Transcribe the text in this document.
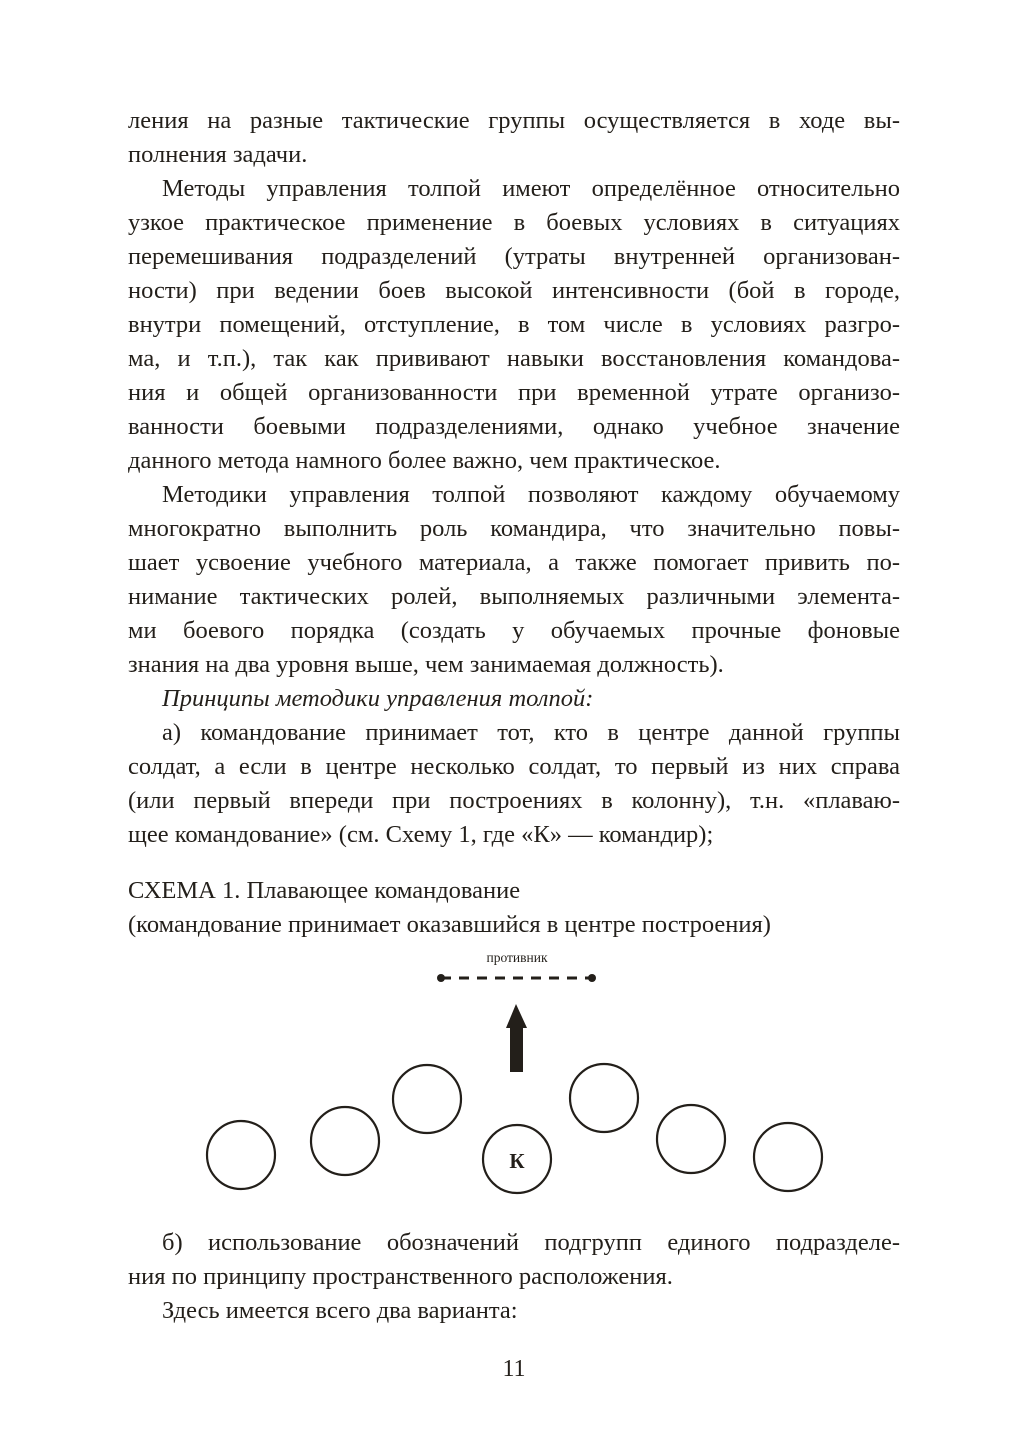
ления на разные тактические группы осуществляется в ходе вы-
полнения задачи.
Методы управления толпой имеют определённое относительно
узкое практическое применение в боевых условиях в ситуациях
перемешивания подразделений (утраты внутренней организован-
ности) при ведении боев высокой интенсивности (бой в городе,
внутри помещений, отступление, в том числе в условиях разгро-
ма, и т.п.), так как прививают навыки восстановления командова-
ния и общей организованности при временной утрате организо-
ванности боевыми подразделениями, однако учебное значение
данного метода намного более важно, чем практическое.
Методики управления толпой позволяют каждому обучаемому
многократно выполнить роль командира, что значительно повы-
шает усвоение учебного материала, а также помогает привить по-
нимание тактических ролей, выполняемых различными элемента-
ми боевого порядка (создать у обучаемых прочные фоновые
знания на два уровня выше, чем занимаемая должность).
Принципы методики управления толпой:
а) командование принимает тот, кто в центре данной группы
солдат, а если в центре несколько солдат, то первый из них справа
(или первый впереди при построениях в колонну), т.н. «плаваю-
щее командование» (см. Схему 1, где «К» — командир);
СХЕМА 1. Плавающее командование
(командование принимает оказавшийся в центре построения)
противник
К
б) использование обозначений подгрупп единого подразделе-
ния по принципу пространственного расположения.
Здесь имеется всего два варианта:
11
